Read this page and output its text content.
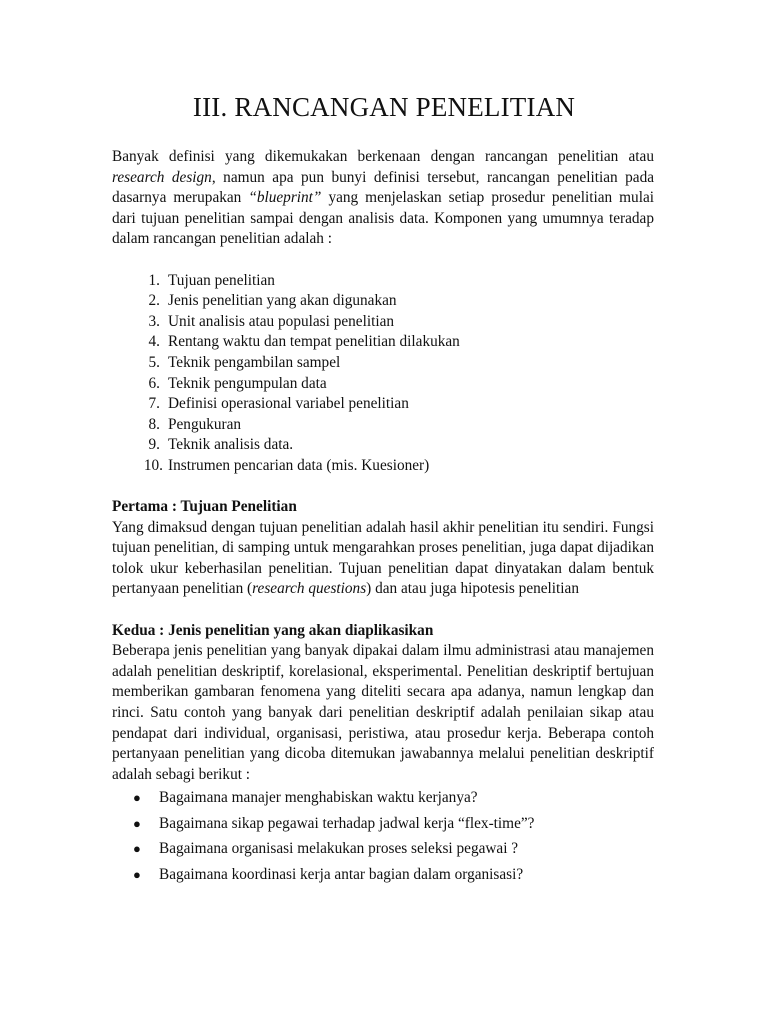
III. RANCANGAN PENELITIAN

Banyak definisi yang dikemukakan berkenaan dengan rancangan penelitian atau research design, namun apa pun bunyi definisi tersebut, rancangan penelitian pada dasarnya merupakan “blueprint” yang menjelaskan setiap prosedur penelitian mulai dari tujuan penelitian sampai dengan analisis data. Komponen yang umumnya teradap dalam rancangan penelitian adalah :

1. Tujuan penelitian
2. Jenis penelitian yang akan digunakan
3. Unit analisis atau populasi penelitian
4. Rentang waktu dan tempat penelitian dilakukan
5. Teknik pengambilan sampel
6. Teknik pengumpulan data
7. Definisi operasional variabel penelitian
8. Pengukuran
9. Teknik analisis data.
10. Instrumen pencarian data (mis. Kuesioner)

Pertama : Tujuan Penelitian

Yang dimaksud dengan tujuan penelitian adalah hasil akhir penelitian itu sendiri. Fungsi tujuan penelitian, di samping untuk mengarahkan proses penelitian, juga dapat dijadikan tolok ukur keberhasilan penelitian. Tujuan penelitian dapat dinyatakan dalam bentuk pertanyaan penelitian (research questions) dan atau juga hipotesis penelitian

Kedua : Jenis penelitian yang akan diaplikasikan

Beberapa jenis penelitian yang banyak dipakai dalam ilmu administrasi atau manajemen adalah penelitian deskriptif, korelasional, eksperimental. Penelitian deskriptif bertujuan memberikan gambaran fenomena yang diteliti secara apa adanya, namun lengkap dan rinci. Satu contoh yang banyak dari penelitian deskriptif adalah penilaian sikap atau pendapat dari individual, organisasi, peristiwa, atau prosedur kerja. Beberapa contoh pertanyaan penelitian yang dicoba ditemukan jawabannya melalui penelitian deskriptif adalah sebagi berikut :

●	Bagaimana manajer menghabiskan waktu kerjanya?
●	Bagaimana sikap pegawai terhadap jadwal kerja “flex-time”?
●	Bagaimana organisasi melakukan proses seleksi pegawai ?
●	Bagaimana koordinasi kerja antar bagian dalam organisasi?
